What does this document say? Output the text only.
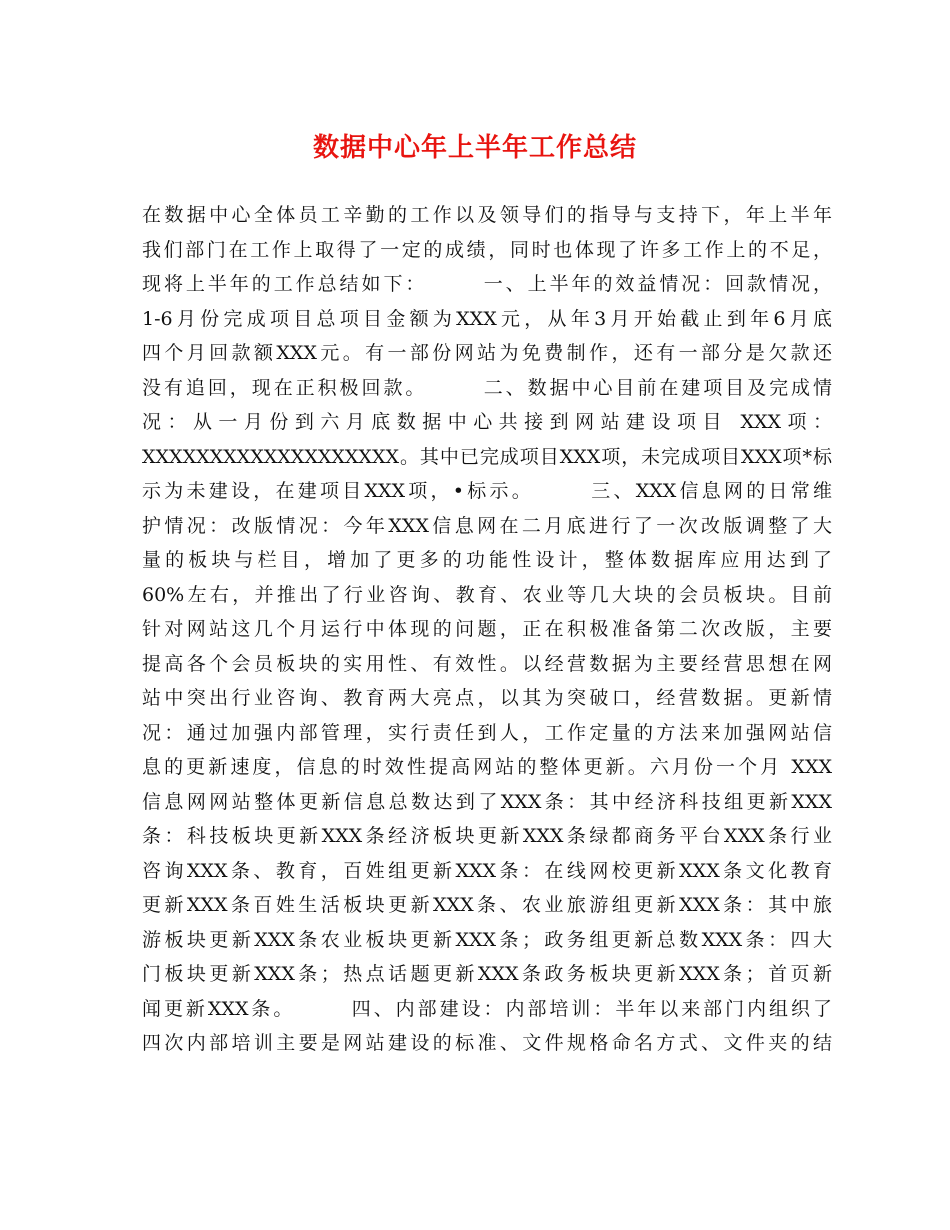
数据中心年上半年工作总结
在数据中心全体员工辛勤的工作以及领导们的指导与支持下，年上半年
我们部门在工作上取得了一定的成绩，同时也体现了许多工作上的不足，
现将上半年的工作总结如下：　　　一、上半年的效益情况：回款情况，
1-6月份完成项目总项目金额为XXX元，从年3月开始截止到年6月底
四个月回款额XXX元。有一部份网站为免费制作，还有一部分是欠款还
没有追回，现在正积极回款。　　　二、数据中心目前在建项目及完成情
况：从一月份到六月底数据中心共接到网站建设项目 XXX项：
XXXXXXXXXXXXXXXXXXX。其中已完成项目XXX项，未完成项目XXX项*标
示为未建设，在建项目XXX项，•标示。　　　三、XXX信息网的日常维
护情况：改版情况：今年XXX信息网在二月底进行了一次改版调整了大
量的板块与栏目，增加了更多的功能性设计，整体数据库应用达到了
60%左右，并推出了行业咨询、教育、农业等几大块的会员板块。目前
针对网站这几个月运行中体现的问题，正在积极准备第二次改版，主要
提高各个会员板块的实用性、有效性。以经营数据为主要经营思想在网
站中突出行业咨询、教育两大亮点，以其为突破口，经营数据。更新情
况：通过加强内部管理，实行责任到人，工作定量的方法来加强网站信
息的更新速度，信息的时效性提高网站的整体更新。六月份一个月 XXX
信息网网站整体更新信息总数达到了XXX条：其中经济科技组更新XXX
条：科技板块更新XXX条经济板块更新XXX条绿都商务平台XXX条行业
咨询XXX条、教育，百姓组更新XXX条：在线网校更新XXX条文化教育
更新XXX条百姓生活板块更新XXX条、农业旅游组更新XXX条：其中旅
游板块更新XXX条农业板块更新XXX条；政务组更新总数XXX条：四大
门板块更新XXX条；热点话题更新XXX条政务板块更新XXX条；首页新
闻更新XXX条。　　　四、内部建设：内部培训：半年以来部门内组织了
四次内部培训主要是网站建设的标准、文件规格命名方式、文件夹的结
